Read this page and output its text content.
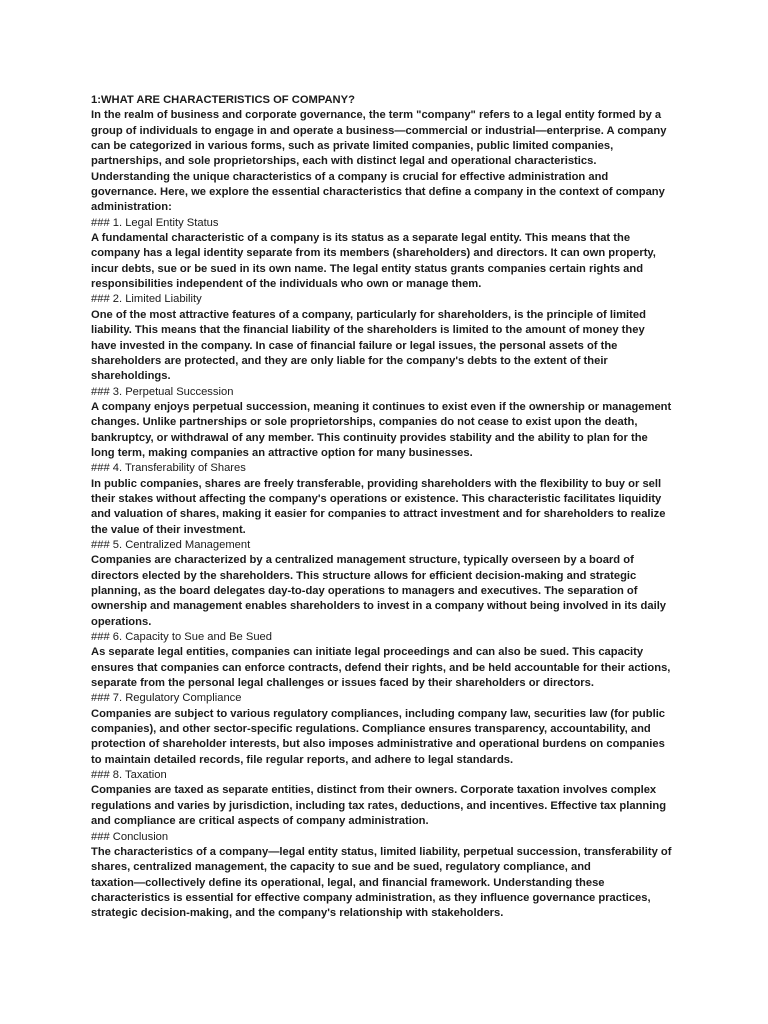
1:WHAT ARE CHARACTERISTICS OF COMPANY?
In the realm of business and corporate governance, the term "company" refers to a legal entity formed by a
group of individuals to engage in and operate a business—commercial or industrial—enterprise. A company
can be categorized in various forms, such as private limited companies, public limited companies,
partnerships, and sole proprietorships, each with distinct legal and operational characteristics.
Understanding the unique characteristics of a company is crucial for effective administration and
governance. Here, we explore the essential characteristics that define a company in the context of company
administration:
### 1. Legal Entity Status
A fundamental characteristic of a company is its status as a separate legal entity. This means that the
company has a legal identity separate from its members (shareholders) and directors. It can own property,
incur debts, sue or be sued in its own name. The legal entity status grants companies certain rights and
responsibilities independent of the individuals who own or manage them.
### 2. Limited Liability
One of the most attractive features of a company, particularly for shareholders, is the principle of limited
liability. This means that the financial liability of the shareholders is limited to the amount of money they
have invested in the company. In case of financial failure or legal issues, the personal assets of the
shareholders are protected, and they are only liable for the company's debts to the extent of their
shareholdings.
### 3. Perpetual Succession
A company enjoys perpetual succession, meaning it continues to exist even if the ownership or management
changes. Unlike partnerships or sole proprietorships, companies do not cease to exist upon the death,
bankruptcy, or withdrawal of any member. This continuity provides stability and the ability to plan for the
long term, making companies an attractive option for many businesses.
### 4. Transferability of Shares
In public companies, shares are freely transferable, providing shareholders with the flexibility to buy or sell
their stakes without affecting the company's operations or existence. This characteristic facilitates liquidity
and valuation of shares, making it easier for companies to attract investment and for shareholders to realize
the value of their investment.
### 5. Centralized Management
Companies are characterized by a centralized management structure, typically overseen by a board of
directors elected by the shareholders. This structure allows for efficient decision-making and strategic
planning, as the board delegates day-to-day operations to managers and executives. The separation of
ownership and management enables shareholders to invest in a company without being involved in its daily
operations.
### 6. Capacity to Sue and Be Sued
As separate legal entities, companies can initiate legal proceedings and can also be sued. This capacity
ensures that companies can enforce contracts, defend their rights, and be held accountable for their actions,
separate from the personal legal challenges or issues faced by their shareholders or directors.
### 7. Regulatory Compliance
Companies are subject to various regulatory compliances, including company law, securities law (for public
companies), and other sector-specific regulations. Compliance ensures transparency, accountability, and
protection of shareholder interests, but also imposes administrative and operational burdens on companies
to maintain detailed records, file regular reports, and adhere to legal standards.
### 8. Taxation
Companies are taxed as separate entities, distinct from their owners. Corporate taxation involves complex
regulations and varies by jurisdiction, including tax rates, deductions, and incentives. Effective tax planning
and compliance are critical aspects of company administration.
### Conclusion
The characteristics of a company—legal entity status, limited liability, perpetual succession, transferability of
shares, centralized management, the capacity to sue and be sued, regulatory compliance, and
taxation—collectively define its operational, legal, and financial framework. Understanding these
characteristics is essential for effective company administration, as they influence governance practices,
strategic decision-making, and the company's relationship with stakeholders.
